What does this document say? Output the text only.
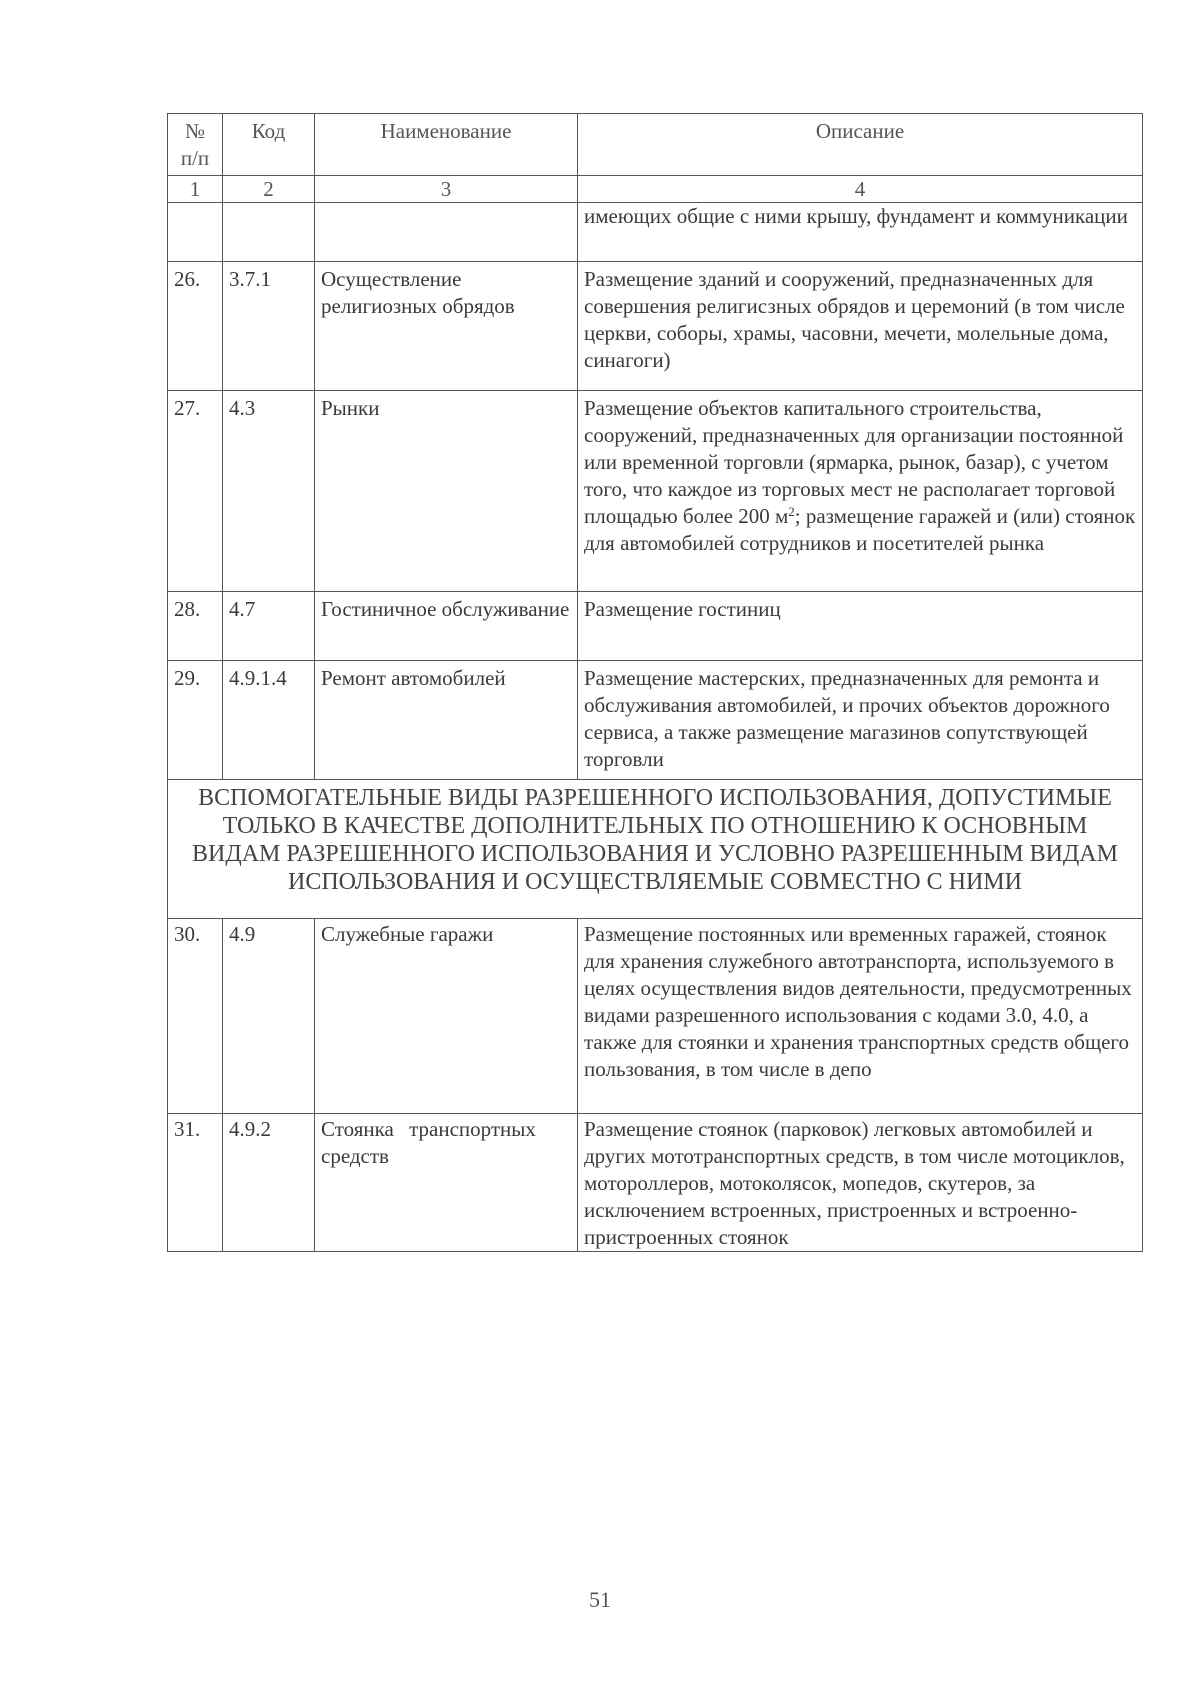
№ п/п	Код	Наименование	Описание
1	2	3	4
			имеющих общие с ними крышу, фундамент и коммуникации
26.	3.7.1	Осуществление религиозных обрядов	Размещение зданий и сооружений, предназначенных для совершения религисзных обрядов и церемоний (в том числе церкви, соборы, храмы, часовни, мечети, молельные дома, синагоги)
27.	4.3	Рынки	Размещение объектов капитального строительства, сооружений, предназначенных для организации постоянной или временной торговли (ярмарка, рынок, базар), с учетом того, что каждое из торговых мест не располагает торговой площадью более 200 $м^2$; размещение гаражей и (или) стоянок для автомобилей сотрудников и посетителей рынка
28.	4.7	Гостиничное обслуживание	Размещение гостиниц
29.	4.9.1.4	Ремонт автомобилей	Размещение мастерских, предназначенных для ремонта и обслуживания автомобилей, и прочих объектов дорожного сервиса, а также размещение магазинов сопутствующей торговли
ВСПОМОГАТЕЛЬНЫЕ ВИДЫ РАЗРЕШЕННОГО ИСПОЛЬЗОВАНИЯ, ДОПУСТИМЫЕ ТОЛЬКО В КАЧЕСТВЕ ДОПОЛНИТЕЛЬНЫХ ПО ОТНОШЕНИЮ К ОСНОВНЫМ ВИДАМ РАЗРЕШЕННОГО ИСПОЛЬЗОВАНИЯ И УСЛОВНО РАЗРЕШЕННЫМ ВИДАМ ИСПОЛЬЗОВАНИЯ И ОСУЩЕСТВЛЯЕМЫЕ СОВМЕСТНО С НИМИ			
30.	4.9	Служебные гаражи	Размещение постоянных или временных гаражей, стоянок для хранения служебного автотранспорта, используемого в целях осуществления видов деятельности, предусмотренных видами разрешенного использования с кодами 3.0, 4.0, а также для стоянки и хранения транспортных средств общего пользования, в том числе в депо
31.	4.9.2	Стоянка транспортных средств	Размещение стоянок (парковок) легковых автомобилей и других мототранспортных средств, в том числе мотоциклов, мотороллеров, мотоколясок, мопедов, скутеров, за исключением встроенных, пристроенных и встроенно-пристроенных стоянок
51
